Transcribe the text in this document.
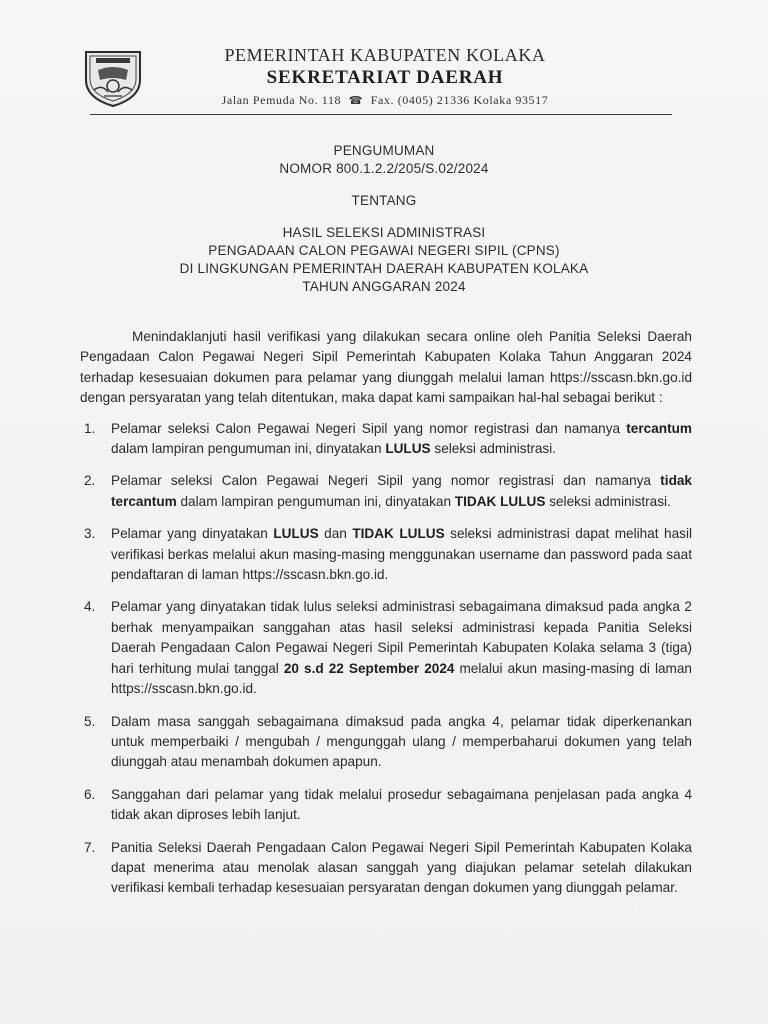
PEMERINTAH KABUPATEN KOLAKA
SEKRETARIAT DAERAH
Jalan Pemuda No. 118 ☎ Fax. (0405) 21336 Kolaka 93517
PENGUMUMAN
NOMOR 800.1.2.2/205/S.02/2024
TENTANG
HASIL SELEKSI ADMINISTRASI
PENGADAAN CALON PEGAWAI NEGERI SIPIL (CPNS)
DI LINGKUNGAN PEMERINTAH DAERAH KABUPATEN KOLAKA
TAHUN ANGGARAN 2024

Menindaklanjuti hasil verifikasi yang dilakukan secara online oleh Panitia Seleksi Daerah Pengadaan Calon Pegawai Negeri Sipil Pemerintah Kabupaten Kolaka Tahun Anggaran 2024 terhadap kesesuaian dokumen para pelamar yang diunggah melalui laman https://sscasn.bkn.go.id dengan persyaratan yang telah ditentukan, maka dapat kami sampaikan hal-hal sebagai berikut :

1. Pelamar seleksi Calon Pegawai Negeri Sipil yang nomor registrasi dan namanya tercantum dalam lampiran pengumuman ini, dinyatakan LULUS seleksi administrasi.
2. Pelamar seleksi Calon Pegawai Negeri Sipil yang nomor registrasi dan namanya tidak tercantum dalam lampiran pengumuman ini, dinyatakan TIDAK LULUS seleksi administrasi.
3. Pelamar yang dinyatakan LULUS dan TIDAK LULUS seleksi administrasi dapat melihat hasil verifikasi berkas melalui akun masing-masing menggunakan username dan password pada saat pendaftaran di laman https://sscasn.bkn.go.id.
4. Pelamar yang dinyatakan tidak lulus seleksi administrasi sebagaimana dimaksud pada angka 2 berhak menyampaikan sanggahan atas hasil seleksi administrasi kepada Panitia Seleksi Daerah Pengadaan Calon Pegawai Negeri Sipil Pemerintah Kabupaten Kolaka selama 3 (tiga) hari terhitung mulai tanggal 20 s.d 22 September 2024 melalui akun masing-masing di laman https://sscasn.bkn.go.id.
5. Dalam masa sanggah sebagaimana dimaksud pada angka 4, pelamar tidak diperkenankan untuk memperbaiki / mengubah / mengunggah ulang / memperbaharui dokumen yang telah diunggah atau menambah dokumen apapun.
6. Sanggahan dari pelamar yang tidak melalui prosedur sebagaimana penjelasan pada angka 4 tidak akan diproses lebih lanjut.
7. Panitia Seleksi Daerah Pengadaan Calon Pegawai Negeri Sipil Pemerintah Kabupaten Kolaka dapat menerima atau menolak alasan sanggah yang diajukan pelamar setelah dilakukan verifikasi kembali terhadap kesesuaian persyaratan dengan dokumen yang diunggah pelamar.
